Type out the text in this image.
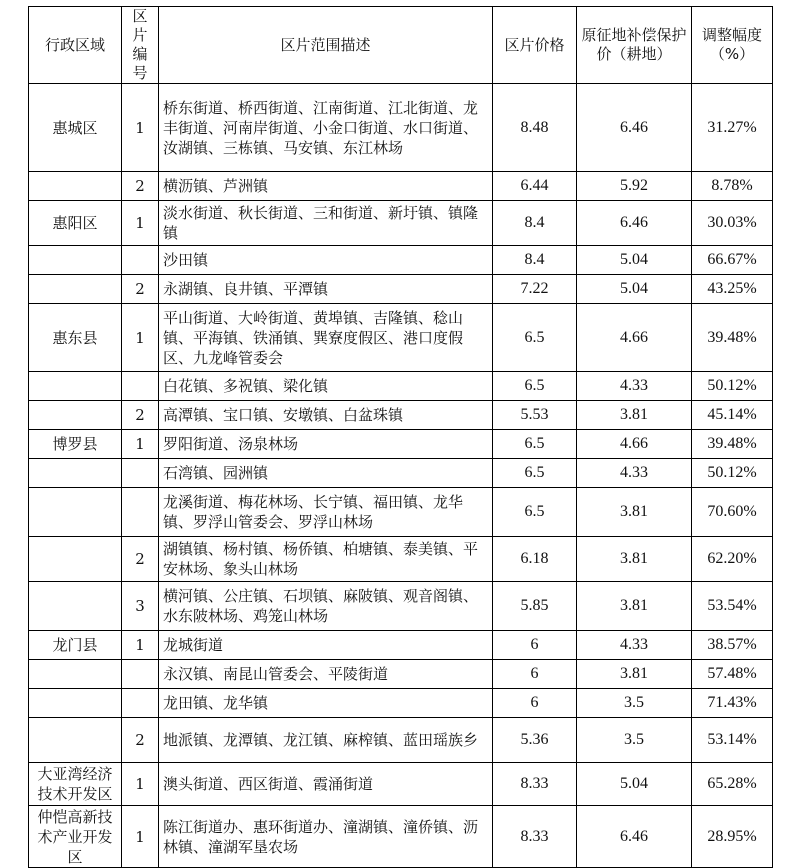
行政区域	区片编号	区片范围描述	区片价格	原征地补偿保护价（耕地）	调整幅度（%）
惠城区	1	桥东街道、桥西街道、江南街道、江北街道、龙丰街道、河南岸街道、小金口街道、水口街道、汝湖镇、三栋镇、马安镇、东江林场	8.48	6.46	31.27%
	2	横沥镇、芦洲镇	6.44	5.92	8.78%
惠阳区	1	淡水街道、秋长街道、三和街道、新圩镇、镇隆镇	8.4	6.46	30.03%
		沙田镇	8.4	5.04	66.67%
	2	永湖镇、良井镇、平潭镇	7.22	5.04	43.25%
惠东县	1	平山街道、大岭街道、黄埠镇、吉隆镇、稔山镇、平海镇、铁涌镇、巽寮度假区、港口度假区、九龙峰管委会	6.5	4.66	39.48%
		白花镇、多祝镇、梁化镇	6.5	4.33	50.12%
	2	高潭镇、宝口镇、安墩镇、白盆珠镇	5.53	3.81	45.14%
博罗县	1	罗阳街道、汤泉林场	6.5	4.66	39.48%
		石湾镇、园洲镇	6.5	4.33	50.12%
		龙溪街道、梅花林场、长宁镇、福田镇、龙华镇、罗浮山管委会、罗浮山林场	6.5	3.81	70.60%
	2	湖镇镇、杨村镇、杨侨镇、柏塘镇、泰美镇、平安林场、象头山林场	6.18	3.81	62.20%
	3	横河镇、公庄镇、石坝镇、麻陂镇、观音阁镇、水东陂林场、鸡笼山林场	5.85	3.81	53.54%
龙门县	1	龙城街道	6	4.33	38.57%
		永汉镇、南昆山管委会、平陵街道	6	3.81	57.48%
		龙田镇、龙华镇	6	3.5	71.43%
	2	地派镇、龙潭镇、龙江镇、麻榨镇、蓝田瑶族乡	5.36	3.5	53.14%
大亚湾经济技术开发区	1	澳头街道、西区街道、霞涌街道	8.33	5.04	65.28%
仲恺高新技术产业开发区	1	陈江街道办、惠环街道办、潼湖镇、潼侨镇、沥林镇、潼湖军垦农场	8.33	6.46	28.95%
